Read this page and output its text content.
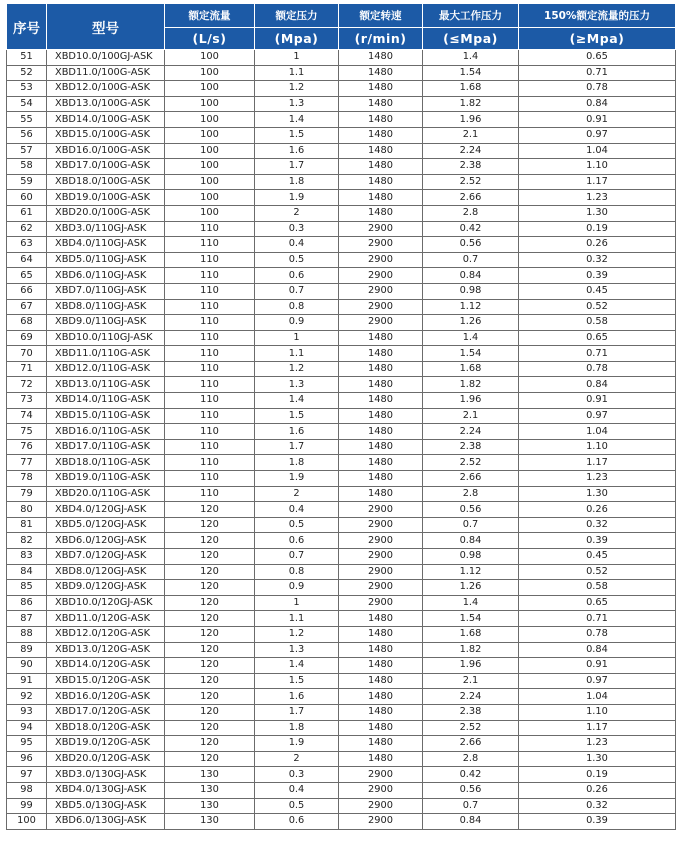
序号	型号	额定流量	额定压力	额定转速	最大工作压力	150%额定流量的压力
		(L/s)	(Mpa)	(r/min)	(≤Mpa)	(≥Mpa)
51	XBD10.0/100GJ-ASK	100	1	1480	1.4	0.65
52	XBD11.0/100G-ASK	100	1.1	1480	1.54	0.71
53	XBD12.0/100G-ASK	100	1.2	1480	1.68	0.78
54	XBD13.0/100G-ASK	100	1.3	1480	1.82	0.84
55	XBD14.0/100G-ASK	100	1.4	1480	1.96	0.91
56	XBD15.0/100G-ASK	100	1.5	1480	2.1	0.97
57	XBD16.0/100G-ASK	100	1.6	1480	2.24	1.04
58	XBD17.0/100G-ASK	100	1.7	1480	2.38	1.10
59	XBD18.0/100G-ASK	100	1.8	1480	2.52	1.17
60	XBD19.0/100G-ASK	100	1.9	1480	2.66	1.23
61	XBD20.0/100G-ASK	100	2	1480	2.8	1.30
62	XBD3.0/110GJ-ASK	110	0.3	2900	0.42	0.19
63	XBD4.0/110GJ-ASK	110	0.4	2900	0.56	0.26
64	XBD5.0/110GJ-ASK	110	0.5	2900	0.7	0.32
65	XBD6.0/110GJ-ASK	110	0.6	2900	0.84	0.39
66	XBD7.0/110GJ-ASK	110	0.7	2900	0.98	0.45
67	XBD8.0/110GJ-ASK	110	0.8	2900	1.12	0.52
68	XBD9.0/110GJ-ASK	110	0.9	2900	1.26	0.58
69	XBD10.0/110GJ-ASK	110	1	1480	1.4	0.65
70	XBD11.0/110G-ASK	110	1.1	1480	1.54	0.71
71	XBD12.0/110G-ASK	110	1.2	1480	1.68	0.78
72	XBD13.0/110G-ASK	110	1.3	1480	1.82	0.84
73	XBD14.0/110G-ASK	110	1.4	1480	1.96	0.91
74	XBD15.0/110G-ASK	110	1.5	1480	2.1	0.97
75	XBD16.0/110G-ASK	110	1.6	1480	2.24	1.04
76	XBD17.0/110G-ASK	110	1.7	1480	2.38	1.10
77	XBD18.0/110G-ASK	110	1.8	1480	2.52	1.17
78	XBD19.0/110G-ASK	110	1.9	1480	2.66	1.23
79	XBD20.0/110G-ASK	110	2	1480	2.8	1.30
80	XBD4.0/120GJ-ASK	120	0.4	2900	0.56	0.26
81	XBD5.0/120GJ-ASK	120	0.5	2900	0.7	0.32
82	XBD6.0/120GJ-ASK	120	0.6	2900	0.84	0.39
83	XBD7.0/120GJ-ASK	120	0.7	2900	0.98	0.45
84	XBD8.0/120GJ-ASK	120	0.8	2900	1.12	0.52
85	XBD9.0/120GJ-ASK	120	0.9	2900	1.26	0.58
86	XBD10.0/120GJ-ASK	120	1	2900	1.4	0.65
87	XBD11.0/120G-ASK	120	1.1	1480	1.54	0.71
88	XBD12.0/120G-ASK	120	1.2	1480	1.68	0.78
89	XBD13.0/120G-ASK	120	1.3	1480	1.82	0.84
90	XBD14.0/120G-ASK	120	1.4	1480	1.96	0.91
91	XBD15.0/120G-ASK	120	1.5	1480	2.1	0.97
92	XBD16.0/120G-ASK	120	1.6	1480	2.24	1.04
93	XBD17.0/120G-ASK	120	1.7	1480	2.38	1.10
94	XBD18.0/120G-ASK	120	1.8	1480	2.52	1.17
95	XBD19.0/120G-ASK	120	1.9	1480	2.66	1.23
96	XBD20.0/120G-ASK	120	2	1480	2.8	1.30
97	XBD3.0/130GJ-ASK	130	0.3	2900	0.42	0.19
98	XBD4.0/130GJ-ASK	130	0.4	2900	0.56	0.26
99	XBD5.0/130GJ-ASK	130	0.5	2900	0.7	0.32
100	XBD6.0/130GJ-ASK	130	0.6	2900	0.84	0.39
